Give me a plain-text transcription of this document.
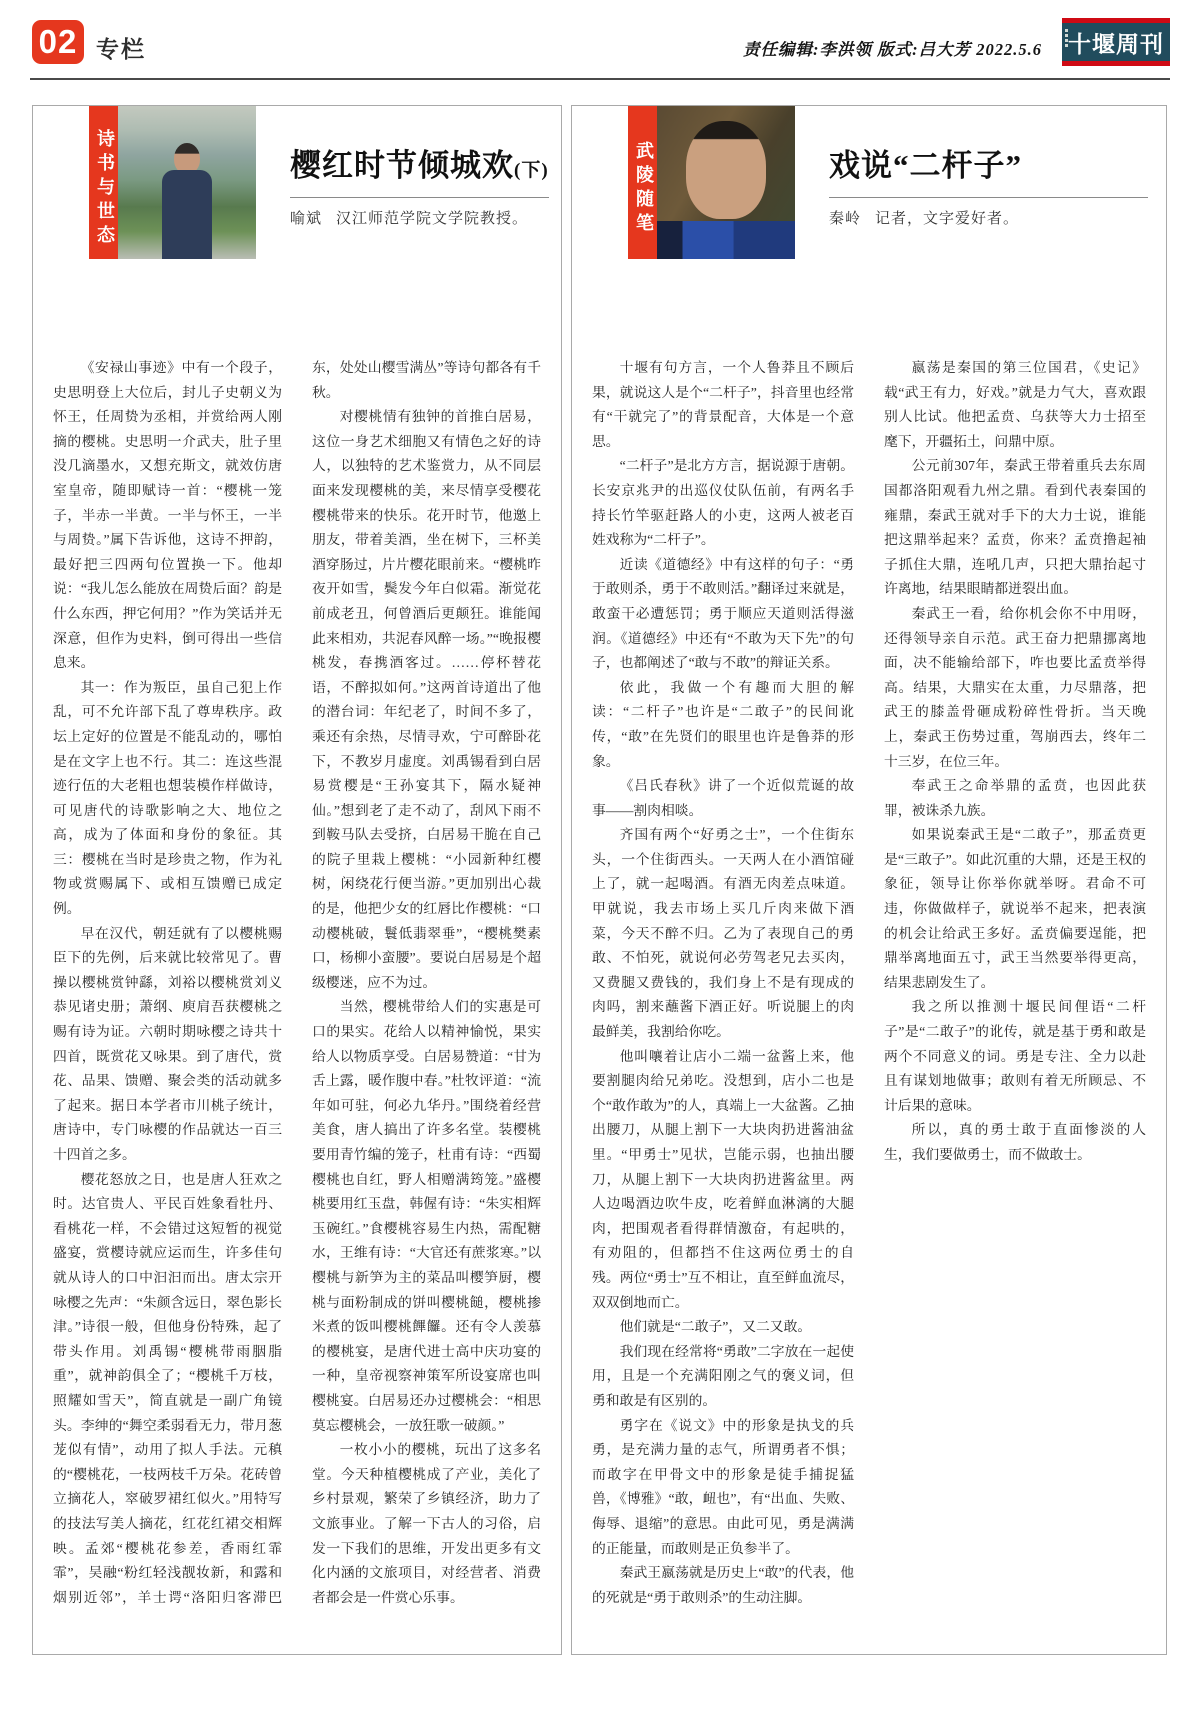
02 专栏	责任编辑:李洪领 版式:吕大芳 2022.5.6 十堰周刊
诗书与世态	樱红时节倾城欢(下)
喻斌 汉江师范学院文学院教授。

《安禄山事迹》中有一个段子，史思明登上大位后，封儿子史朝义为怀王，任周贽为丞相，并赏给两人刚摘的樱桃。史思明一介武夫，肚子里没几滴墨水，又想充斯文，就效仿唐室皇帝，随即赋诗一首：“樱桃一笼子，半赤一半黄。一半与怀王，一半与周贽。”属下告诉他，这诗不押韵，最好把三四两句位置换一下。他却说：“我儿怎么能放在周贽后面？韵是什么东西，押它何用？”作为笑话并无深意，但作为史料，倒可得出一些信息来。

其一：作为叛臣，虽自己犯上作乱，可不允许部下乱了尊卑秩序。政坛上定好的位置是不能乱动的，哪怕是在文字上也不行。其二：连这些混迹行伍的大老粗也想装模作样做诗，可见唐代的诗歌影响之大、地位之高，成为了体面和身份的象征。其三：樱桃在当时是珍贵之物，作为礼物或赏赐属下、或相互馈赠已成定例。

早在汉代，朝廷就有了以樱桃赐臣下的先例，后来就比较常见了。曹操以樱桃赏钟繇，刘裕以樱桃赏刘义恭见诸史册；萧纲、庾肩吾获樱桃之赐有诗为证。六朝时期咏樱之诗共十四首，既赏花又咏果。到了唐代，赏花、品果、馈赠、聚会类的活动就多了起来。据日本学者市川桃子统计，唐诗中，专门咏樱的作品就达一百三十四首之多。

樱花怒放之日，也是唐人狂欢之时。达官贵人、平民百姓象看牡丹、看桃花一样，不会错过这短暂的视觉盛宴，赏樱诗就应运而生，许多佳句就从诗人的口中汩汩而出。唐太宗开咏樱之先声：“朱颜含远日，翠色影长津。”诗很一般，但他身份特殊，起了带头作用。刘禹锡“樱桃带雨胭脂重”，就神韵俱全了；“樱桃千万枝，照耀如雪天”，简直就是一副广角镜头。李绅的“舞空柔弱看无力，带月葱茏似有情”，动用了拟人手法。元稹的“樱桃花，一枝两枝千万朵。花砖曾立摘花人，窣破罗裙红似火。”用特写的技法写美人摘花，红花红裙交相辉映。孟郊“樱桃花参差，香雨红霏霏”，吴融“粉红轻浅靓妆新，和露和烟别近邻”，羊士谔“洛阳归客滞巴东，处处山樱雪满丛”等诗句都各有千秋。

对樱桃情有独钟的首推白居易，这位一身艺术细胞又有情色之好的诗人，以独特的艺术鉴赏力，从不同层面来发现樱桃的美，来尽情享受樱花樱桃带来的快乐。花开时节，他邀上朋友，带着美酒，坐在树下，三杯美酒穿肠过，片片樱花眼前来。“樱桃昨夜开如雪，鬓发今年白似霜。渐觉花前成老丑，何曾酒后更颠狂。谁能闻此来相劝，共泥春风醉一场。”“晚报樱桃发，春携酒客过。……停杯替花语，不醉拟如何。”这两首诗道出了他的潜台词：年纪老了，时间不多了，乘还有余热，尽情寻欢，宁可醉卧花下，不教岁月虚度。刘禹锡看到白居易赏樱是“王孙宴其下，隔水疑神仙。”想到老了走不动了，刮风下雨不到鞍马队去受挤，白居易干脆在自己的院子里栽上樱桃：“小园新种红樱树，闲绕花行便当游。”更加别出心裁的是，他把少女的红唇比作樱桃：“口动樱桃破，鬟低翡翠垂”，“樱桃樊素口，杨柳小蛮腰”。要说白居易是个超级樱迷，应不为过。

当然，樱桃带给人们的实惠是可口的果实。花给人以精神愉悦，果实给人以物质享受。白居易赞道：“甘为舌上露，暖作腹中春。”杜牧评道：“流年如可驻，何必九华丹。”围绕着经营美食，唐人搞出了许多名堂。装樱桃要用青竹编的笼子，杜甫有诗：“西蜀樱桃也自红，野人相赠满筠笼。”盛樱桃要用红玉盘，韩偓有诗：“朱实相辉玉碗红。”食樱桃容易生内热，需配糖水，王维有诗：“大官还有蔗浆寒。”以樱桃与新笋为主的菜品叫樱笋厨，樱桃与面粉制成的饼叫樱桃䭔，樱桃掺米煮的饭叫樱桃饆饠。还有令人羡慕的樱桃宴，是唐代进士高中庆功宴的一种，皇帝视察神策军所设宴席也叫樱桃宴。白居易还办过樱桃会：“相思莫忘樱桃会，一放狂歌一破颜。”

一枚小小的樱桃，玩出了这多名堂。今天种植樱桃成了产业，美化了乡村景观，繁荣了乡镇经济，助力了文旅事业。了解一下古人的习俗，启发一下我们的思维，开发出更多有文化内涵的文旅项目，对经营者、消费者都会是一件赏心乐事。

武陵随笔	戏说“二杆子”
秦岭 记者，文字爱好者。

十堰有句方言，一个人鲁莽且不顾后果，就说这人是个“二杆子”，抖音里也经常有“干就完了”的背景配音，大体是一个意思。

“二杆子”是北方方言，据说源于唐朝。长安京兆尹的出巡仪仗队伍前，有两名手持长竹竿驱赶路人的小吏，这两人被老百姓戏称为“二杆子”。

近读《道德经》中有这样的句子：“勇于敢则杀，勇于不敢则活。”翻译过来就是，敢蛮干必遭惩罚；勇于顺应天道则活得滋润。《道德经》中还有“不敢为天下先”的句子，也都阐述了“敢与不敢”的辩证关系。

依此，我做一个有趣而大胆的解读：“二杆子”也许是“二敢子”的民间讹传，“敢”在先贤们的眼里也许是鲁莽的形象。

《吕氏春秋》讲了一个近似荒诞的故事——割肉相啖。

齐国有两个“好勇之士”，一个住街东头，一个住街西头。一天两人在小酒馆碰上了，就一起喝酒。有酒无肉差点味道。甲就说，我去市场上买几斤肉来做下酒菜，今天不醉不归。乙为了表现自己的勇敢、不怕死，就说何必劳驾老兄去买肉，又费腿又费钱的，我们身上不是有现成的肉吗，割来蘸酱下酒正好。听说腿上的肉最鲜美，我割给你吃。

他叫嚷着让店小二端一盆酱上来，他要割腿肉给兄弟吃。没想到，店小二也是个“敢作敢为”的人，真端上一大盆酱。乙抽出腰刀，从腿上割下一大块肉扔进酱油盆里。“甲勇士”见状，岂能示弱，也抽出腰刀，从腿上割下一大块肉扔进酱盆里。两人边喝酒边吹牛皮，吃着鲜血淋漓的大腿肉，把围观者看得群情激奋，有起哄的，有劝阻的，但都挡不住这两位勇士的自残。两位“勇士”互不相让，直至鲜血流尽，双双倒地而亡。

他们就是“二敢子”，又二又敢。

我们现在经常将“勇敢”二字放在一起使用，且是一个充满阳刚之气的褒义词，但勇和敢是有区别的。

勇字在《说文》中的形象是执戈的兵勇，是充满力量的志气，所谓勇者不惧；而敢字在甲骨文中的形象是徒手捕捉猛兽，《博雅》“敢，衄也”，有“出血、失败、侮辱、退缩”的意思。由此可见，勇是满满的正能量，而敢则是正负参半了。

秦武王嬴荡就是历史上“敢”的代表，他的死就是“勇于敢则杀”的生动注脚。

嬴荡是秦国的第三位国君，《史记》载“武王有力，好戏。”就是力气大，喜欢跟别人比试。他把孟贲、乌获等大力士招至麾下，开疆拓土，问鼎中原。

公元前307年，秦武王带着重兵去东周国都洛阳观看九州之鼎。看到代表秦国的雍鼎，秦武王就对手下的大力士说，谁能把这鼎举起来？孟贲，你来？孟贲撸起袖子抓住大鼎，连吼几声，只把大鼎抬起寸许离地，结果眼睛都迸裂出血。

秦武王一看，给你机会你不中用呀，还得领导亲自示范。武王奋力把鼎挪离地面，决不能输给部下，咋也要比孟贲举得高。结果，大鼎实在太重，力尽鼎落，把武王的膝盖骨砸成粉碎性骨折。当天晚上，秦武王伤势过重，驾崩西去，终年二十三岁，在位三年。

奉武王之命举鼎的孟贲，也因此获罪，被诛杀九族。

如果说秦武王是“二敢子”，那孟贲更是“三敢子”。如此沉重的大鼎，还是王权的象征，领导让你举你就举呀。君命不可违，你做做样子，就说举不起来，把表演的机会让给武王多好。孟贲偏要逞能，把鼎举离地面五寸，武王当然要举得更高，结果悲剧发生了。

我之所以推测十堰民间俚语“二杆子”是“二敢子”的讹传，就是基于勇和敢是两个不同意义的词。勇是专注、全力以赴且有谋划地做事；敢则有着无所顾忌、不计后果的意味。

所以，真的勇士敢于直面惨淡的人生，我们要做勇士，而不做敢士。
